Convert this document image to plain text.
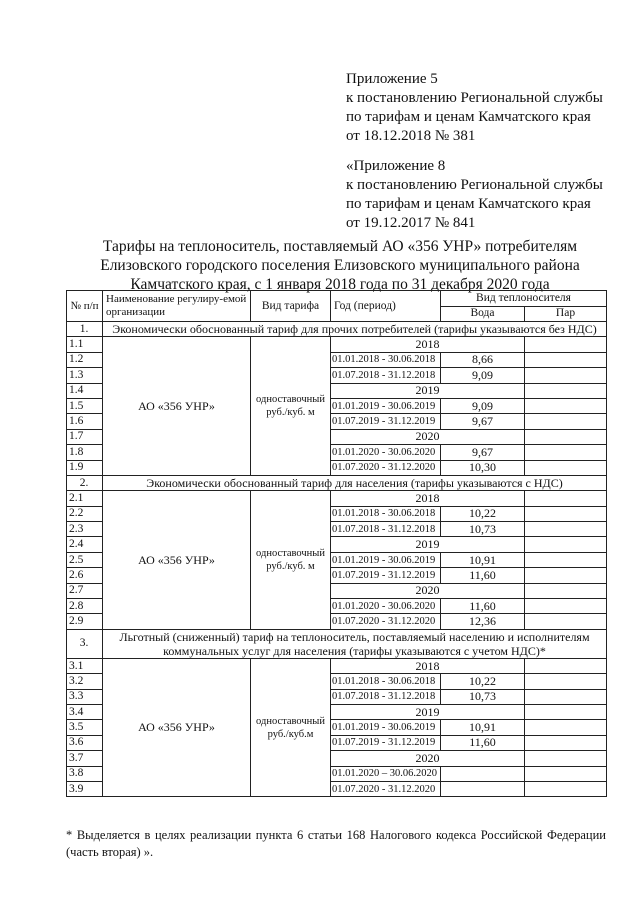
Приложение 5
к постановлению Региональной службы
по тарифам и ценам Камчатского края
от 18.12.2018 № 381
«Приложение 8
к постановлению Региональной службы
по тарифам и ценам Камчатского края
от 19.12.2017 № 841
Тарифы на теплоноситель, поставляемый АО «356 УНР» потребителям
Елизовского городского поселения Елизовского муниципального района
Камчатского края, с 1 января 2018 года по 31 декабря 2020 года
№ п/п	Наименование регулиру-емой организации	Вид тарифа	Год (период)	Вид теплоносителя	
				Вода	Пар
1.	Экономически обоснованный тариф для прочих потребителей (тарифы указываются без НДС)				
1.1	АО «356 УНР»	одноставочный руб./куб. м	2018		
1.2			01.01.2018 - 30.06.2018	8,66	
1.3			01.07.2018 - 31.12.2018	9,09	
1.4			2019		
1.5			01.01.2019 - 30.06.2019	9,09	
1.6			01.07.2019 - 31.12.2019	9,67	
1.7			2020		
1.8			01.01.2020 - 30.06.2020	9,67	
1.9			01.07.2020 - 31.12.2020	10,30	
2.	Экономически обоснованный тариф для населения (тарифы указываются с НДС)				
2.1	АО «356 УНР»	одноставочный руб./куб. м	2018		
2.2			01.01.2018 - 30.06.2018	10,22	
2.3			01.07.2018 - 31.12.2018	10,73	
2.4			2019		
2.5			01.01.2019 - 30.06.2019	10,91	
2.6			01.07.2019 - 31.12.2019	11,60	
2.7			2020		
2.8			01.01.2020 - 30.06.2020	11,60	
2.9			01.07.2020 - 31.12.2020	12,36	
3.	Льготный (сниженный) тариф на теплоноситель, поставляемый населению и исполнителям коммунальных услуг для населения (тарифы указываются с учетом НДС)*				
3.1	АО «356 УНР»	одноставочный руб./куб.м	2018		
3.2			01.01.2018 - 30.06.2018	10,22	
3.3			01.07.2018 - 31.12.2018	10,73	
3.4			2019		
3.5			01.01.2019 - 30.06.2019	10,91	
3.6			01.07.2019 - 31.12.2019	11,60	
3.7			2020		
3.8			01.01.2020 – 30.06.2020		
3.9			01.07.2020 - 31.12.2020		
* Выделяется в целях реализации пункта 6 статьи 168 Налогового кодекса Российской Федерации (часть вторая) ».
